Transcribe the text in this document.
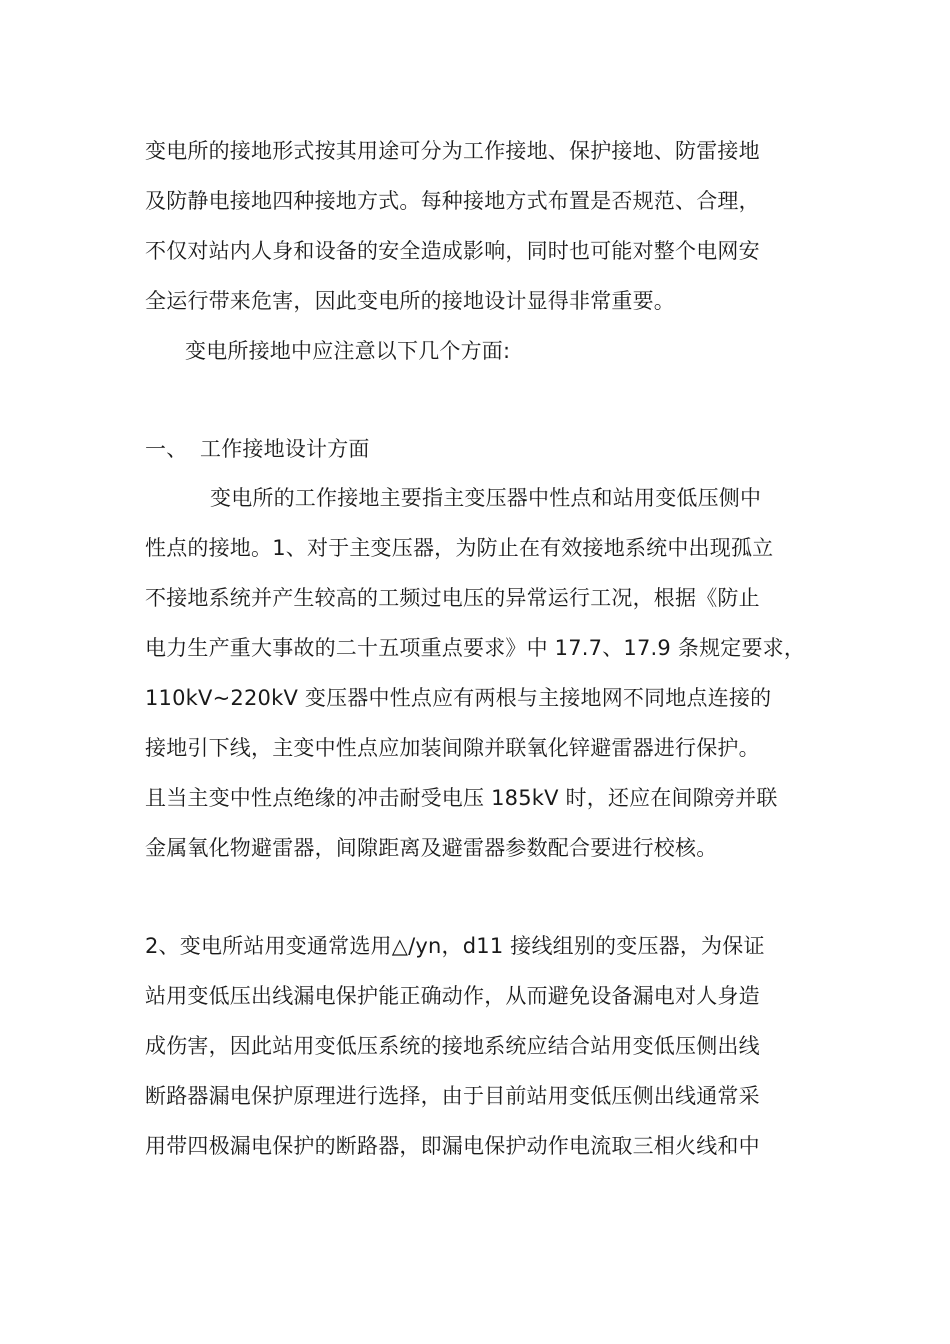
变电所的接地形式按其用途可分为工作接地、保护接地、防雷接地
及防静电接地四种接地方式。每种接地方式布置是否规范、合理，
不仅对站内人身和设备的安全造成影响，同时也可能对整个电网安
全运行带来危害，因此变电所的接地设计显得非常重要。
变电所接地中应注意以下几个方面:
一、 工作接地设计方面
变电所的工作接地主要指主变压器中性点和站用变低压侧中
性点的接地。1、对于主变压器，为防止在有效接地系统中出现孤立
不接地系统并产生较高的工频过电压的异常运行工况，根据《防止
电力生产重大事故的二十五项重点要求》中 17.7、17.9 条规定要求，
110kV~220kV 变压器中性点应有两根与主接地网不同地点连接的
接地引下线，主变中性点应加装间隙并联氧化锌避雷器进行保护。
且当主变中性点绝缘的冲击耐受电压 185kV 时，还应在间隙旁并联
金属氧化物避雷器，间隙距离及避雷器参数配合要进行校核。
2、变电所站用变通常选用△/yn，d11 接线组别的变压器，为保证
站用变低压出线漏电保护能正确动作，从而避免设备漏电对人身造
成伤害，因此站用变低压系统的接地系统应结合站用变低压侧出线
断路器漏电保护原理进行选择，由于目前站用变低压侧出线通常采
用带四极漏电保护的断路器，即漏电保护动作电流取三相火线和中
